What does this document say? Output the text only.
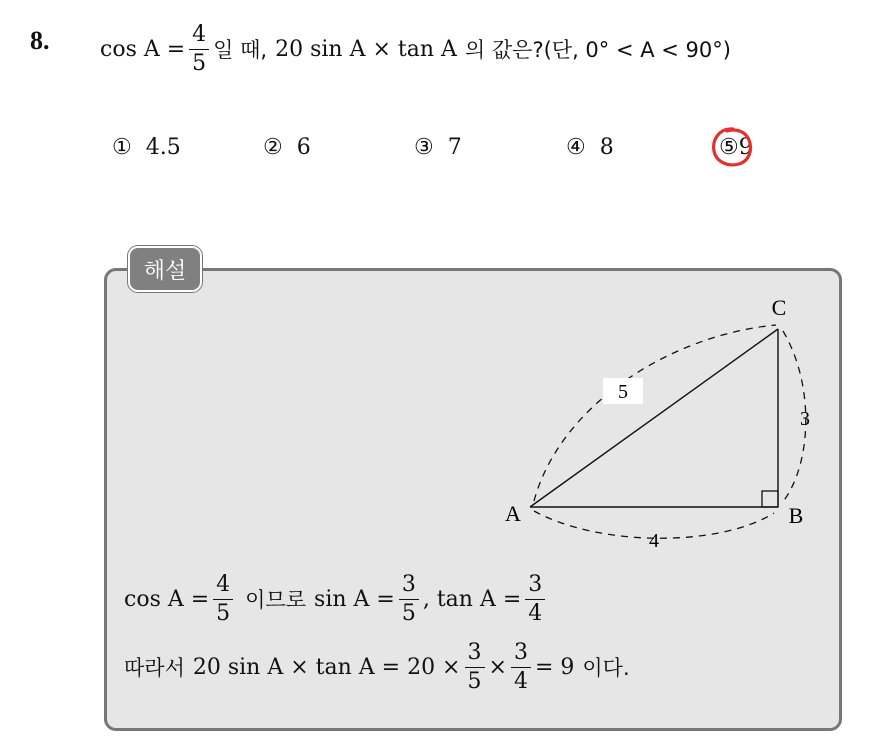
8. $\cos A = \frac{4}{5}$ 일 때, 20 sin A × tan A 의 값은?(단, 0° < A < 90°)
① 4.5	② 6	③ 7	④ 8	⑤9
해설
5
3
4
A	B
C
$\cos A = \frac{4}{5}$ 이므로 $\sin A = \frac{3}{5}$ , $\tan A = \frac{3}{4}$
따라서 20 $\sin A \times \tan A = 20 \times \frac{3}{5} \times \frac{3}{4} = 9$ 이다.
